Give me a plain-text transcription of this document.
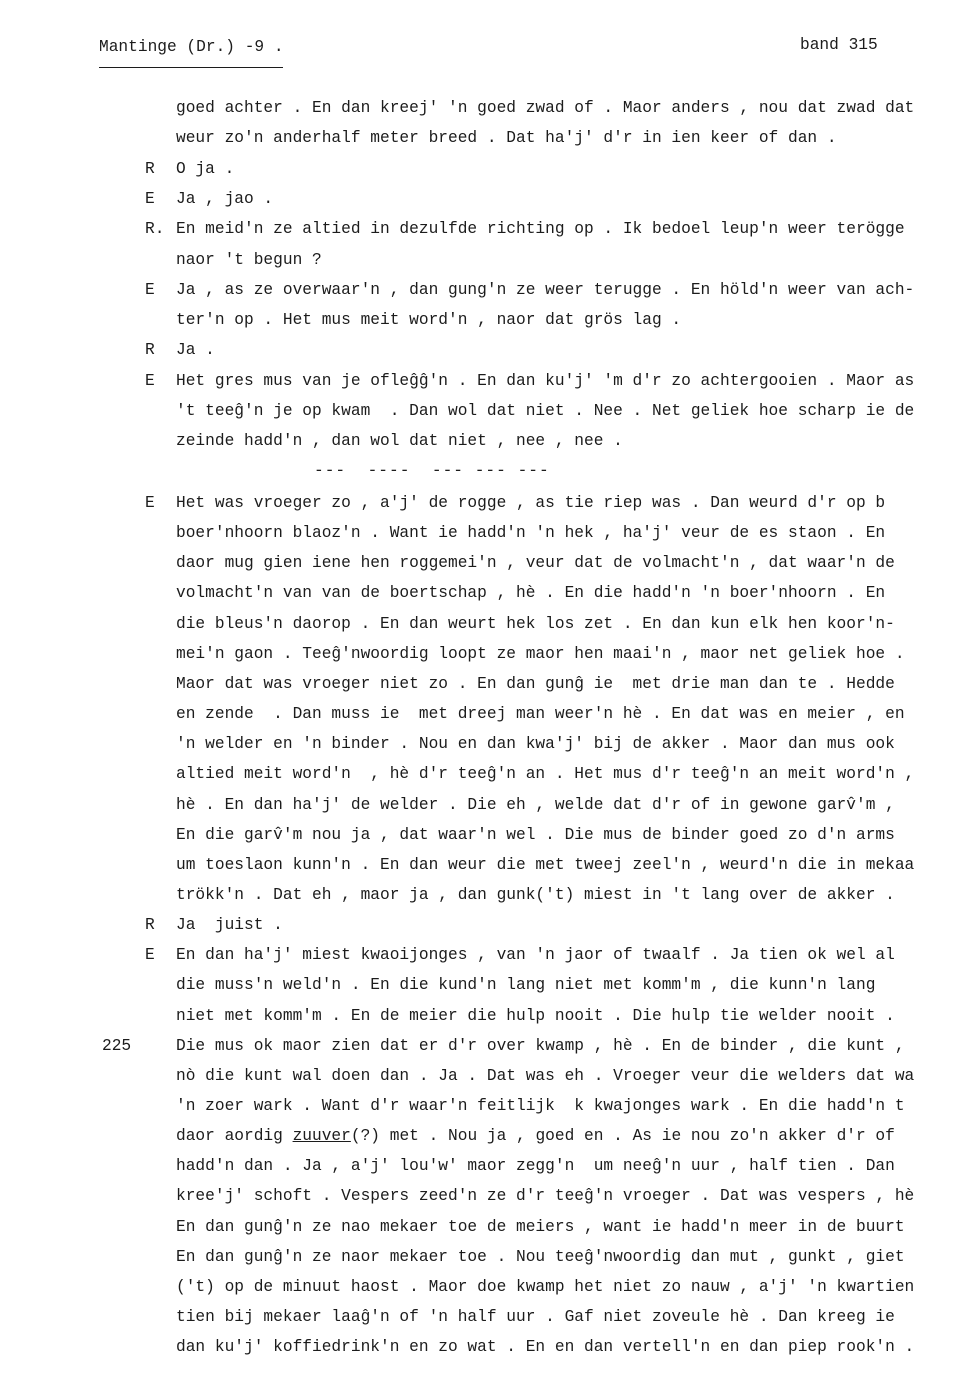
Mantinge (Dr.) -9 .	band 315
goed achter . En dan kreej' 'n goed zwad of . Maor anders , nou dat zwad dat
weur zo'n anderhalf meter breed . Dat ha'j' d'r in ien keer of dan .
R O ja .
E Ja , jao .
R. En meid'n ze altied in dezulfde richting op . Ik bedoel leup'n weer terögge
naor 't begun ?
E Ja , as ze overwaar'n , dan gung'n ze weer terugge . En höld'n weer van ach-
ter'n op . Het mus meit word'n , naor dat grös lag .
R Ja .
E Het gres mus van je ofleĝĝ'n . En dan ku'j' 'm d'r zo achtergooien . Maor as
't teeĝ'n je op kwam  . Dan wol dat niet . Nee . Net geliek hoe scharp ie de
zeinde hadd'n , dan wol dat niet , nee , nee .
---  ----  --- --- ---
E Het was vroeger zo , a'j' de rogge , as tie riep was . Dan weurd d'r op b
boer'nhoorn blaoz'n . Want ie hadd'n 'n hek , ha'j' veur de es staon . En
daor mug gien iene hen roggemei'n , veur dat de volmacht'n , dat waar'n de
volmacht'n van van de boertschap , hè . En die hadd'n 'n boer'nhoorn . En
die bleus'n daorop . En dan weurt hek los zet . En dan kun elk hen koor'n-
mei'n gaon . Teeĝ'nwoordig loopt ze maor hen maai'n , maor net geliek hoe .
Maor dat was vroeger niet zo . En dan gunĝ ie  met drie man dan te . Hedde
en zende  . Dan muss ie  met dreej man weer'n hè . En dat was en meier , en
'n welder en 'n binder . Nou en dan kwa'j' bij de akker . Maor dan mus ook
altied meit word'n  , hè d'r teeĝ'n an . Het mus d'r teeĝ'n an meit word'n ,
hè . En dan ha'j' de welder . Die eh , welde dat d'r of in gewone garv̂'m ,
En die garv̂'m nou ja , dat waar'n wel . Die mus de binder goed zo d'n arms
um toeslaon kunn'n . En dan weur die met tweej zeel'n , weurd'n die in mekaa
trökk'n . Dat eh , maor ja , dan gunk('t) miest in 't lang over de akker .
R Ja  juist .
E En dan ha'j' miest kwaoijonges , van 'n jaor of twaalf . Ja tien ok wel al
die muss'n weld'n . En die kund'n lang niet met komm'm , die kunn'n lang
niet met komm'm . En de meier die hulp nooit . Die hulp tie welder nooit .
225	Die mus ok maor zien dat er d'r over kwamp , hè . En de binder , die kunt ,
nò die kunt wal doen dan . Ja . Dat was eh . Vroeger veur die welders dat wa
'n zoer wark . Want d'r waar'n feitlijk  k kwajonges wark . En die hadd'n t
daor aordig zuuver(?) met . Nou ja , goed en . As ie nou zo'n akker d'r of
hadd'n dan . Ja , a'j' lou'w' maor zegg'n  um neeĝ'n uur , half tien . Dan
kree'j' schoft . Vespers zeed'n ze d'r teeĝ'n vroeger . Dat was vespers , hè
En dan gunĝ'n ze nao mekaer toe de meiers , want ie hadd'n meer in de buurt
En dan gunĝ'n ze naor mekaer toe . Nou teeĝ'nwoordig dan mut , gunkt , giet
('t) op de minuut haost . Maor doe kwamp het niet zo nauw , a'j' 'n kwartien
tien bij mekaer laaĝ'n of 'n half uur . Gaf niet zoveule hè . Dan kreeg ie
dan ku'j' koffiedrink'n en zo wat . En en dan vertell'n en dan piep rook'n .
